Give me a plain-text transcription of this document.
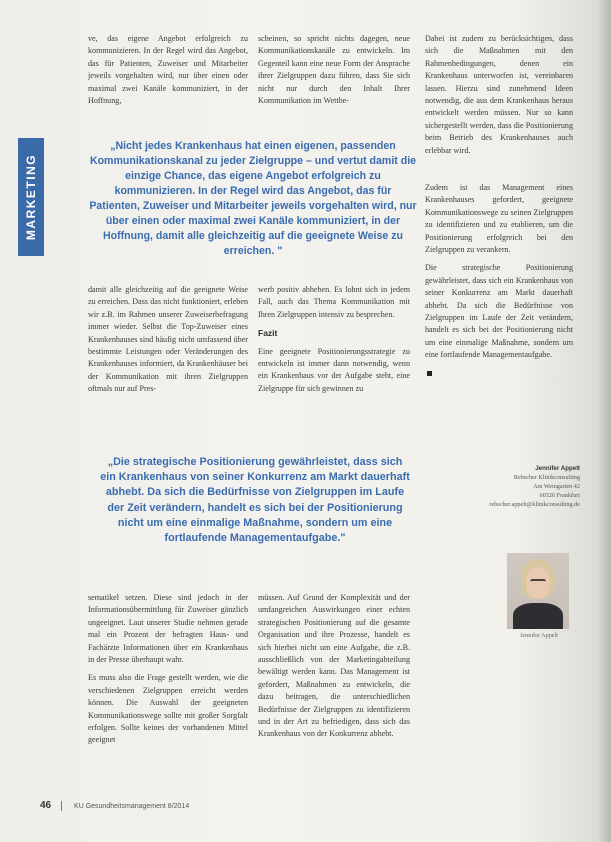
MARKETING

ve, das eigene Angebot erfolgreich zu kommunizieren. In der Regel wird das Angebot, das für Patienten, Zuweiser und Mitarbeiter jeweils vorgehalten wird, nur über einen oder maximal zwei Kanäle kommuniziert, in der Hoffnung,

scheinen, so spricht nichts dagegen, neue Kommunikationskanäle zu entwickeln. Im Gegenteil kann eine neue Form der Ansprache ihrer Zielgruppen dazu führen, dass Sie sich nicht nur durch den Inhalt Ihrer Kommunikation im Wettbe-

Dabei ist zudem zu berücksichtigen, dass sich die Maßnahmen mit den Rahmenbedingungen, denen ein Krankenhaus unterworfen ist, vereinbaren lassen. Hierzu sind zunehmend Ideen notwendig, die aus dem Krankenhaus heraus entwickelt werden müssen. Nur so kann sichergestellt werden, dass die Positionierung beim Betrieb des Krankenhauses auch erlebbar wird.

„Nicht jedes Krankenhaus hat einen eigenen, passenden Kommunikationskanal zu jeder Zielgruppe – und vertut damit die einzige Chance, das eigene Angebot erfolgreich zu kommunizieren. In der Regel wird das Angebot, das für Patienten, Zuweiser und Mitarbeiter jeweils vorgehalten wird, nur über einen oder maximal zwei Kanäle kommuniziert, in der Hoffnung, damit alle gleichzeitig auf die geeignete Weise zu erreichen. "

Zudem ist das Management eines Krankenhauses gefordert, geeignete Kommunikationswege zu seinen Zielgruppen zu identifizieren und zu etablieren, um die Positionierung erfolgreich bei den Zielgruppen zu verankern.

Die strategische Positionierung gewährleistet, dass sich ein Krankenhaus von seiner Konkurrenz am Markt dauerhaft abhebt. Da sich die Bedürfnisse von Zielgruppen im Laufe der Zeit verändern, handelt es sich bei der Positionierung nicht um eine einmalige Maßnahme, sondern um eine fortlaufende Managementaufgabe.

damit alle gleichzeitig auf die geeignete Weise zu erreichen. Dass das nicht funktioniert, erleben wir z.B. im Rahmen unserer Zuweiserbefragung immer wieder. Selbst die Top-Zuweiser eines Krankenhauses sind häufig nicht umfassend über bestimmte Leistungen oder Veränderungen des Krankenhauses informiert, da Krankenhäuser bei der Kommunikation mit ihren Zielgruppen oftmals nur auf Pres-

werb positiv abheben. Es lohnt sich in jedem Fall, auch das Thema Kommunikation mit Ihren Zielgruppen intensiv zu besprechen.

Fazit

Eine geeignete Positionierungsstrategie zu entwickeln ist immer dann notwendig, wenn ein Krankenhaus vor der Aufgabe steht, eine Zielgruppe für sich gewinnen zu

„Die strategische Positionierung gewährleistet, dass sich ein Krankenhaus von seiner Konkurrenz am Markt dauerhaft abhebt. Da sich die Bedürfnisse von Zielgruppen im Laufe der Zeit verändern, handelt es sich bei der Positionierung nicht um eine einmalige Maßnahme, sondern um eine fortlaufende Managementaufgabe."

Jennifer Appelt
Rebscher Klinikconsulting
Am Weingarten 42
60326 Frankfurt
rebscher.appelt@klinikconsulting.de
Jennifer Appelt

sematikel setzen. Diese sind jedoch in der Informationsübermittlung für Zuweiser gänzlich ungeeignet. Laut unserer Studie nehmen gerade mal ein Prozent der befragten Haus- und Fachärzte Informationen über ein Krankenhaus in der Presse überhaupt wahr.

Es muss also die Frage gestellt werden, wie die verschiedenen Zielgruppen erreicht werden können. Die Auswahl der geeigneten Kommunikationswege sollte mit großer Sorgfalt erfolgen. Sollte keines der vorhandenen Mittel geeignet

müssen. Auf Grund der Komplexität und der umfangreichen Auswirkungen einer echten strategischen Positionierung auf die gesamte Organisation und ihre Prozesse, handelt es sich hierbei nicht um eine Aufgabe, die z.B. ausschließlich von der Marketingabteilung bewältigt werden kann. Das Management ist gefordert, Maßnahmen zu entwickeln, die dazu beitragen, die unterschiedlichen Bedürfnisse der Zielgruppen zu identifizieren und in der Art zu befriedigen, dass sich das Krankenhaus von der Konkurrenz abhebt.

46	KU Gesundheitsmanagement 8/2014
